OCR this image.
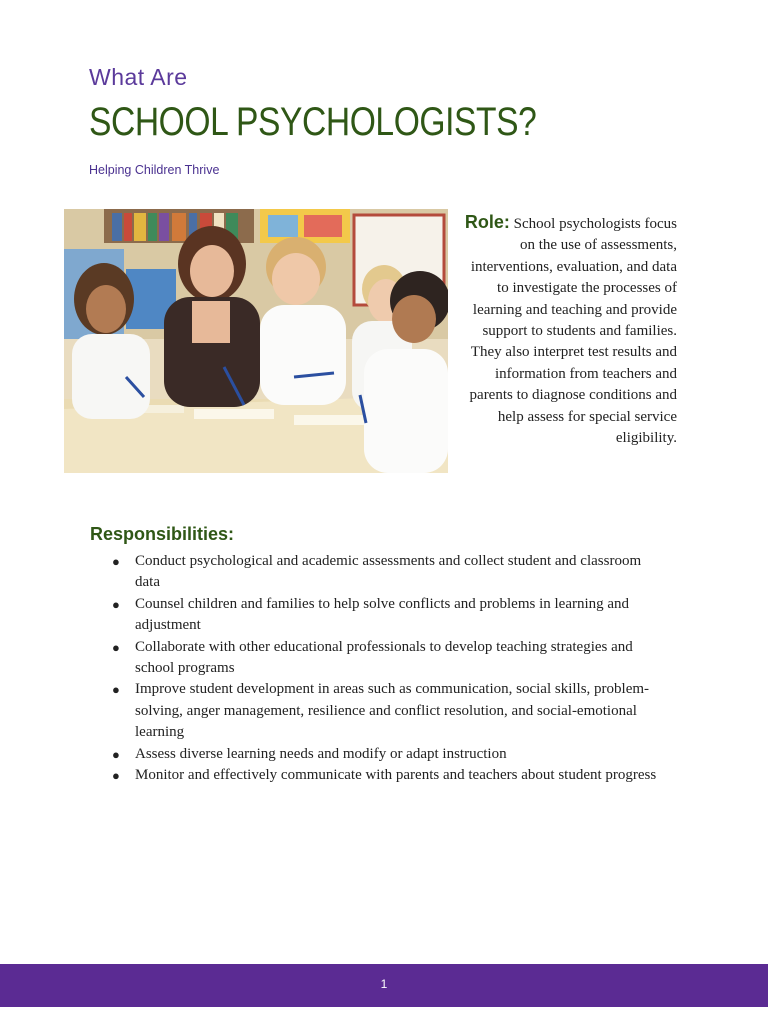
What Are
SCHOOL PSYCHOLOGISTS?
Helping Children Thrive
Role: School psychologists focus on the use of assessments, interventions, evaluation, and data to investigate the processes of learning and teaching and provide support to students and families. They also interpret test results and information from teachers and parents to diagnose conditions and help assess for special service eligibility.
Responsibilities:
● Conduct psychological and academic assessments and collect student and classroom data
● Counsel children and families to help solve conflicts and problems in learning and adjustment
● Collaborate with other educational professionals to develop teaching strategies and school programs
● Improve student development in areas such as communication, social skills, problem-solving, anger management, resilience and conflict resolution, and social-emotional learning
● Assess diverse learning needs and modify or adapt instruction
● Monitor and effectively communicate with parents and teachers about student progress
1
